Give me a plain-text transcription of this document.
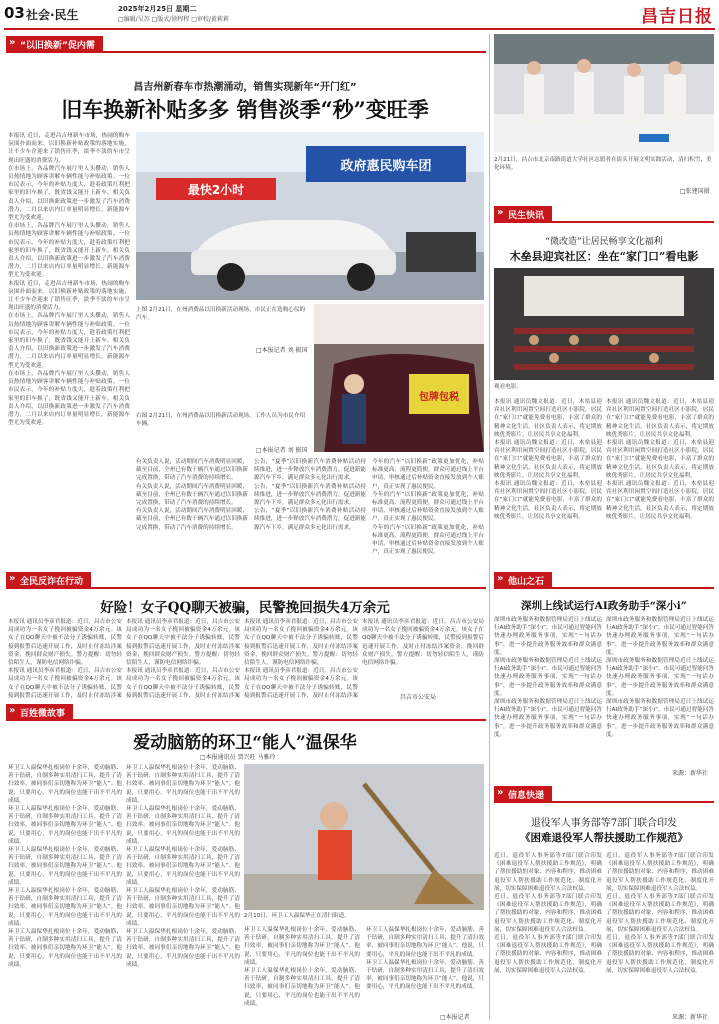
03 社会·民生	2025年2月25日 星期二
□编辑/吴苏 □版式/徐程程 □审校/黄莉莉	昌吉日报
» “以旧换新”促内需
昌吉州新春车市热潮涌动，销售实现新年“开门红”
旧车换新补贴多多 销售淡季“秒”变旺季
本报讯 近日，走进昌吉州新车市场，热闹的购车氛围扑面而来。以旧换新补贴政策的落地实施，让不少车企迎来了销售旺季，淡季不淡的车市呈现出旺盛的消费活力。
在市场上，各品牌汽车展厅里人头攒动，销售人员热情地为顾客讲解车辆性能与补贴政策。一位市民表示，今年的补贴力度大，趁着政策红利把家里的旧车换了，既省钱又能开上新车。相关负责人介绍，以旧换新政策进一步激发了汽车消费潜力，二月以来店内订单量明显增长，新能源车型尤为受欢迎。
在市场上，各品牌汽车展厅里人头攒动，销售人员热情地为顾客讲解车辆性能与补贴政策。一位市民表示，今年的补贴力度大，趁着政策红利把家里的旧车换了，既省钱又能开上新车。相关负责人介绍，以旧换新政策进一步激发了汽车消费潜力，二月以来店内订单量明显增长，新能源车型尤为受欢迎。
本报讯 近日，走进昌吉州新车市场，热闹的购车氛围扑面而来。以旧换新补贴政策的落地实施，让不少车企迎来了销售旺季，淡季不淡的车市呈现出旺盛的消费活力。
在市场上，各品牌汽车展厅里人头攒动，销售人员热情地为顾客讲解车辆性能与补贴政策。一位市民表示，今年的补贴力度大，趁着政策红利把家里的旧车换了，既省钱又能开上新车。相关负责人介绍，以旧换新政策进一步激发了汽车消费潜力，二月以来店内订单量明显增长，新能源车型尤为受欢迎。
在市场上，各品牌汽车展厅里人头攒动，销售人员热情地为顾客讲解车辆性能与补贴政策。一位市民表示，今年的补贴力度大，趁着政策红利把家里的旧车换了，既省钱又能开上新车。相关负责人介绍，以旧换新政策进一步激发了汽车消费潜力，二月以来店内订单量明显增长，新能源车型尤为受欢迎。
政府惠民购车团
最快2小时
包牌包税
上图 2月21日，在州消费品以旧换新活动现场，市民正在选购心仪的汽车。
□本报记者 刘 振国
右图 2月21日，在州消费品以旧换新活动现场，工作人员为市民介绍车辆。
□本报记者 刘 振国
有关负责人说，活动期间汽车消费明显回暖，截至目前，全州已有数千辆汽车通过以旧换新完成置换，带动了汽车消费的持续增长。
有关负责人说，活动期间汽车消费明显回暖，截至目前，全州已有数千辆汽车通过以旧换新完成置换，带动了汽车消费的持续增长。
有关负责人说，活动期间汽车消费明显回暖，截至目前，全州已有数千辆汽车通过以旧换新完成置换，带动了汽车消费的持续增长。
公告，“夏季”以旧换新汽车消费补贴活动持续推进，进一步释放汽车消费潜力，促进新能源汽车下乡，满足群众多元化出行需求。
公告，“夏季”以旧换新汽车消费补贴活动持续推进，进一步释放汽车消费潜力，促进新能源汽车下乡，满足群众多元化出行需求。
公告，“夏季”以旧换新汽车消费补贴活动持续推进，进一步释放汽车消费潜力，促进新能源汽车下乡，满足群众多元化出行需求。
今年的汽车“以旧换新”政策更加优化，补贴标准更高、流程更简便，群众可通过线上平台申请，审核通过后补贴资金直接发放到个人账户，真正实现了惠民便民。
今年的汽车“以旧换新”政策更加优化，补贴标准更高、流程更简便，群众可通过线上平台申请，审核通过后补贴资金直接发放到个人账户，真正实现了惠民便民。
今年的汽车“以旧换新”政策更加优化，补贴标准更高、流程更简便，群众可通过线上平台申请，审核通过后补贴资金直接发放到个人账户，真正实现了惠民便民。
2月21日，昌吉市北京南路街道大学社区志愿者在街头开展文明实践活动，清扫积雪，美化环境。
□张建国摄
» 民生快讯
“微改造”让居民畅享文化福利
木垒县迎宾社区：坐在“家门口”看电影
观看电影。
本报讯 通讯员魏文报道：近日，木垒县迎宾社区利用闲置空间打造社区小影院，居民在“家门口”就能免费看电影，丰富了群众的精神文化生活。社区负责人表示，将定期放映优秀影片，让居民共享文化福利。
本报讯 通讯员魏文报道：近日，木垒县迎宾社区利用闲置空间打造社区小影院，居民在“家门口”就能免费看电影，丰富了群众的精神文化生活。社区负责人表示，将定期放映优秀影片，让居民共享文化福利。
本报讯 通讯员魏文报道：近日，木垒县迎宾社区利用闲置空间打造社区小影院，居民在“家门口”就能免费看电影，丰富了群众的精神文化生活。社区负责人表示，将定期放映优秀影片，让居民共享文化福利。
本报讯 通讯员魏文报道：近日，木垒县迎宾社区利用闲置空间打造社区小影院，居民在“家门口”就能免费看电影，丰富了群众的精神文化生活。社区负责人表示，将定期放映优秀影片，让居民共享文化福利。
本报讯 通讯员魏文报道：近日，木垒县迎宾社区利用闲置空间打造社区小影院，居民在“家门口”就能免费看电影，丰富了群众的精神文化生活。社区负责人表示，将定期放映优秀影片，让居民共享文化福利。
本报讯 通讯员魏文报道：近日，木垒县迎宾社区利用闲置空间打造社区小影院，居民在“家门口”就能免费看电影，丰富了群众的精神文化生活。社区负责人表示，将定期放映优秀影片，让居民共享文化福利。
» 全民反诈在行动
好险！女子QQ聊天被骗，民警挽回损失4万余元
本报讯 通讯员李彦君报道：近日，昌吉市公安局成功为一名女子挽回被骗资金4万余元。该女子在QQ聊天中被不法分子诱骗转账，民警接到报警后迅速开展工作，及时止付冻结涉案资金，挽回群众财产损失。警方提醒：切勿轻信陌生人，谨防电信网络诈骗。
本报讯 通讯员李彦君报道：近日，昌吉市公安局成功为一名女子挽回被骗资金4万余元。该女子在QQ聊天中被不法分子诱骗转账，民警接到报警后迅速开展工作，及时止付冻结涉案
本报讯 通讯员李彦君报道：近日，昌吉市公安局成功为一名女子挽回被骗资金4万余元。该女子在QQ聊天中被不法分子诱骗转账，民警接到报警后迅速开展工作，及时止付冻结涉案资金，挽回群众财产损失。警方提醒：切勿轻信陌生人，谨防电信网络诈骗。
本报讯 通讯员李彦君报道：近日，昌吉市公安局成功为一名女子挽回被骗资金4万余元。该女子在QQ聊天中被不法分子诱骗转账，民警接到报警后迅速开展工作，及时止付冻结涉案
本报讯 通讯员李彦君报道：近日，昌吉市公安局成功为一名女子挽回被骗资金4万余元。该女子在QQ聊天中被不法分子诱骗转账，民警接到报警后迅速开展工作，及时止付冻结涉案资金，挽回群众财产损失。警方提醒：切勿轻信陌生人，谨防电信网络诈骗。
本报讯 通讯员李彦君报道：近日，昌吉市公安局成功为一名女子挽回被骗资金4万余元。该女子在QQ聊天中被不法分子诱骗转账，民警接到报警后迅速开展工作，及时止付冻结涉案
本报讯 通讯员李彦君报道：近日，昌吉市公安局成功为一名女子挽回被骗资金4万余元。该女子在QQ聊天中被不法分子诱骗转账，民警接到报警后迅速开展工作，及时止付冻结涉案资金，挽回群众财产损失。警方提醒：切勿轻信陌生人，谨防电信网络诈骗。
昌吉市公安局
» 百姓微故事
爱动脑筋的环卫“能人”温保华
□本报通讯员 贾兴旺 马雅玲
环卫工人温保华扎根岗位十余年，爱动脑筋、善于钻研，自制多种实用清扫工具，提升了清扫效率，被同事们亲切地称为环卫“能人”。他说，只要用心，平凡的岗位也能干出不平凡的成绩。
环卫工人温保华扎根岗位十余年，爱动脑筋、善于钻研，自制多种实用清扫工具，提升了清扫效率，被同事们亲切地称为环卫“能人”。他说，只要用心，平凡的岗位也能干出不平凡的成绩。
环卫工人温保华扎根岗位十余年，爱动脑筋、善于钻研，自制多种实用清扫工具，提升了清扫效率，被同事们亲切地称为环卫“能人”。他说，只要用心，平凡的岗位也能干出不平凡的成绩。
环卫工人温保华扎根岗位十余年，爱动脑筋、善于钻研，自制多种实用清扫工具，提升了清扫效率，被同事们亲切地称为环卫“能人”。他说，只要用心，平凡的岗位也能干出不平凡的成绩。
环卫工人温保华扎根岗位十余年，爱动脑筋、善于钻研，自制多种实用清扫工具，提升了清扫效率，被同事们亲切地称为环卫“能人”。他说，只要用心，平凡的岗位也能干出不平凡的成绩。
环卫工人温保华扎根岗位十余年，爱动脑筋、善于钻研，自制多种实用清扫工具，提升了清扫效率，被同事们亲切地称为环卫“能人”。他说，只要用心，平凡的岗位也能干出不平凡的成绩。
环卫工人温保华扎根岗位十余年，爱动脑筋、善于钻研，自制多种实用清扫工具，提升了清扫效率，被同事们亲切地称为环卫“能人”。他说，只要用心，平凡的岗位也能干出不平凡的成绩。
环卫工人温保华扎根岗位十余年，爱动脑筋、善于钻研，自制多种实用清扫工具，提升了清扫效率，被同事们亲切地称为环卫“能人”。他说，只要用心，平凡的岗位也能干出不平凡的成绩。
环卫工人温保华扎根岗位十余年，爱动脑筋、善于钻研，自制多种实用清扫工具，提升了清扫效率，被同事们亲切地称为环卫“能人”。他说，只要用心，平凡的岗位也能干出不平凡的成绩。
环卫工人温保华扎根岗位十余年，爱动脑筋、善于钻研，自制多种实用清扫工具，提升了清扫效率，被同事们亲切地称为环卫“能人”。他说，只要用心，平凡的岗位也能干出不平凡的成绩。
2月10日，环卫工人温保华正在清扫街道。
环卫工人温保华扎根岗位十余年，爱动脑筋、善于钻研，自制多种实用清扫工具，提升了清扫效率，被同事们亲切地称为环卫“能人”。他说，只要用心，平凡的岗位也能干出不平凡的成绩。
环卫工人温保华扎根岗位十余年，爱动脑筋、善于钻研，自制多种实用清扫工具，提升了清扫效率，被同事们亲切地称为环卫“能人”。他说，只要用心，平凡的岗位也能干出不平凡的成绩。
环卫工人温保华扎根岗位十余年，爱动脑筋、善于钻研，自制多种实用清扫工具，提升了清扫效率，被同事们亲切地称为环卫“能人”。他说，只要用心，平凡的岗位也能干出不平凡的成绩。
环卫工人温保华扎根岗位十余年，爱动脑筋、善于钻研，自制多种实用清扫工具，提升了清扫效率，被同事们亲切地称为环卫“能人”。他说，只要用心，平凡的岗位也能干出不平凡的成绩。
□本报记者
» 他山之石
深圳上线试运行AI政务助手“深小i”
深圳市政务服务和数据管理局近日上线试运行AI政务助手“深小i”，市民可通过智能问答快速办理政务服务事项，实现“一句话办事”，进一步提升政务服务效率和群众满意度。
深圳市政务服务和数据管理局近日上线试运行AI政务助手“深小i”，市民可通过智能问答快速办理政务服务事项，实现“一句话办事”，进一步提升政务服务效率和群众满意度。
深圳市政务服务和数据管理局近日上线试运行AI政务助手“深小i”，市民可通过智能问答快速办理政务服务事项，实现“一句话办事”，进一步提升政务服务效率和群众满意度。
深圳市政务服务和数据管理局近日上线试运行AI政务助手“深小i”，市民可通过智能问答快速办理政务服务事项，实现“一句话办事”，进一步提升政务服务效率和群众满意度。
深圳市政务服务和数据管理局近日上线试运行AI政务助手“深小i”，市民可通过智能问答快速办理政务服务事项，实现“一句话办事”，进一步提升政务服务效率和群众满意度。
深圳市政务服务和数据管理局近日上线试运行AI政务助手“深小i”，市民可通过智能问答快速办理政务服务事项，实现“一句话办事”，进一步提升政务服务效率和群众满意度。
来源：新华社
» 信息快递
退役军人事务部等7部门联合印发
《困难退役军人帮扶援助工作规范》
近日，退役军人事务部等7部门联合印发《困难退役军人帮扶援助工作规范》，明确了帮扶援助的对象、内容和程序，推动困难退役军人帮扶援助工作规范化、制度化开展，切实保障困难退役军人合法权益。
近日，退役军人事务部等7部门联合印发《困难退役军人帮扶援助工作规范》，明确了帮扶援助的对象、内容和程序，推动困难退役军人帮扶援助工作规范化、制度化开展，切实保障困难退役军人合法权益。
近日，退役军人事务部等7部门联合印发《困难退役军人帮扶援助工作规范》，明确了帮扶援助的对象、内容和程序，推动困难退役军人帮扶援助工作规范化、制度化开展，切实保障困难退役军人合法权益。
近日，退役军人事务部等7部门联合印发《困难退役军人帮扶援助工作规范》，明确了帮扶援助的对象、内容和程序，推动困难退役军人帮扶援助工作规范化、制度化开展，切实保障困难退役军人合法权益。
近日，退役军人事务部等7部门联合印发《困难退役军人帮扶援助工作规范》，明确了帮扶援助的对象、内容和程序，推动困难退役军人帮扶援助工作规范化、制度化开展，切实保障困难退役军人合法权益。
近日，退役军人事务部等7部门联合印发《困难退役军人帮扶援助工作规范》，明确了帮扶援助的对象、内容和程序，推动困难退役军人帮扶援助工作规范化、制度化开展，切实保障困难退役军人合法权益。
来源：新华社
